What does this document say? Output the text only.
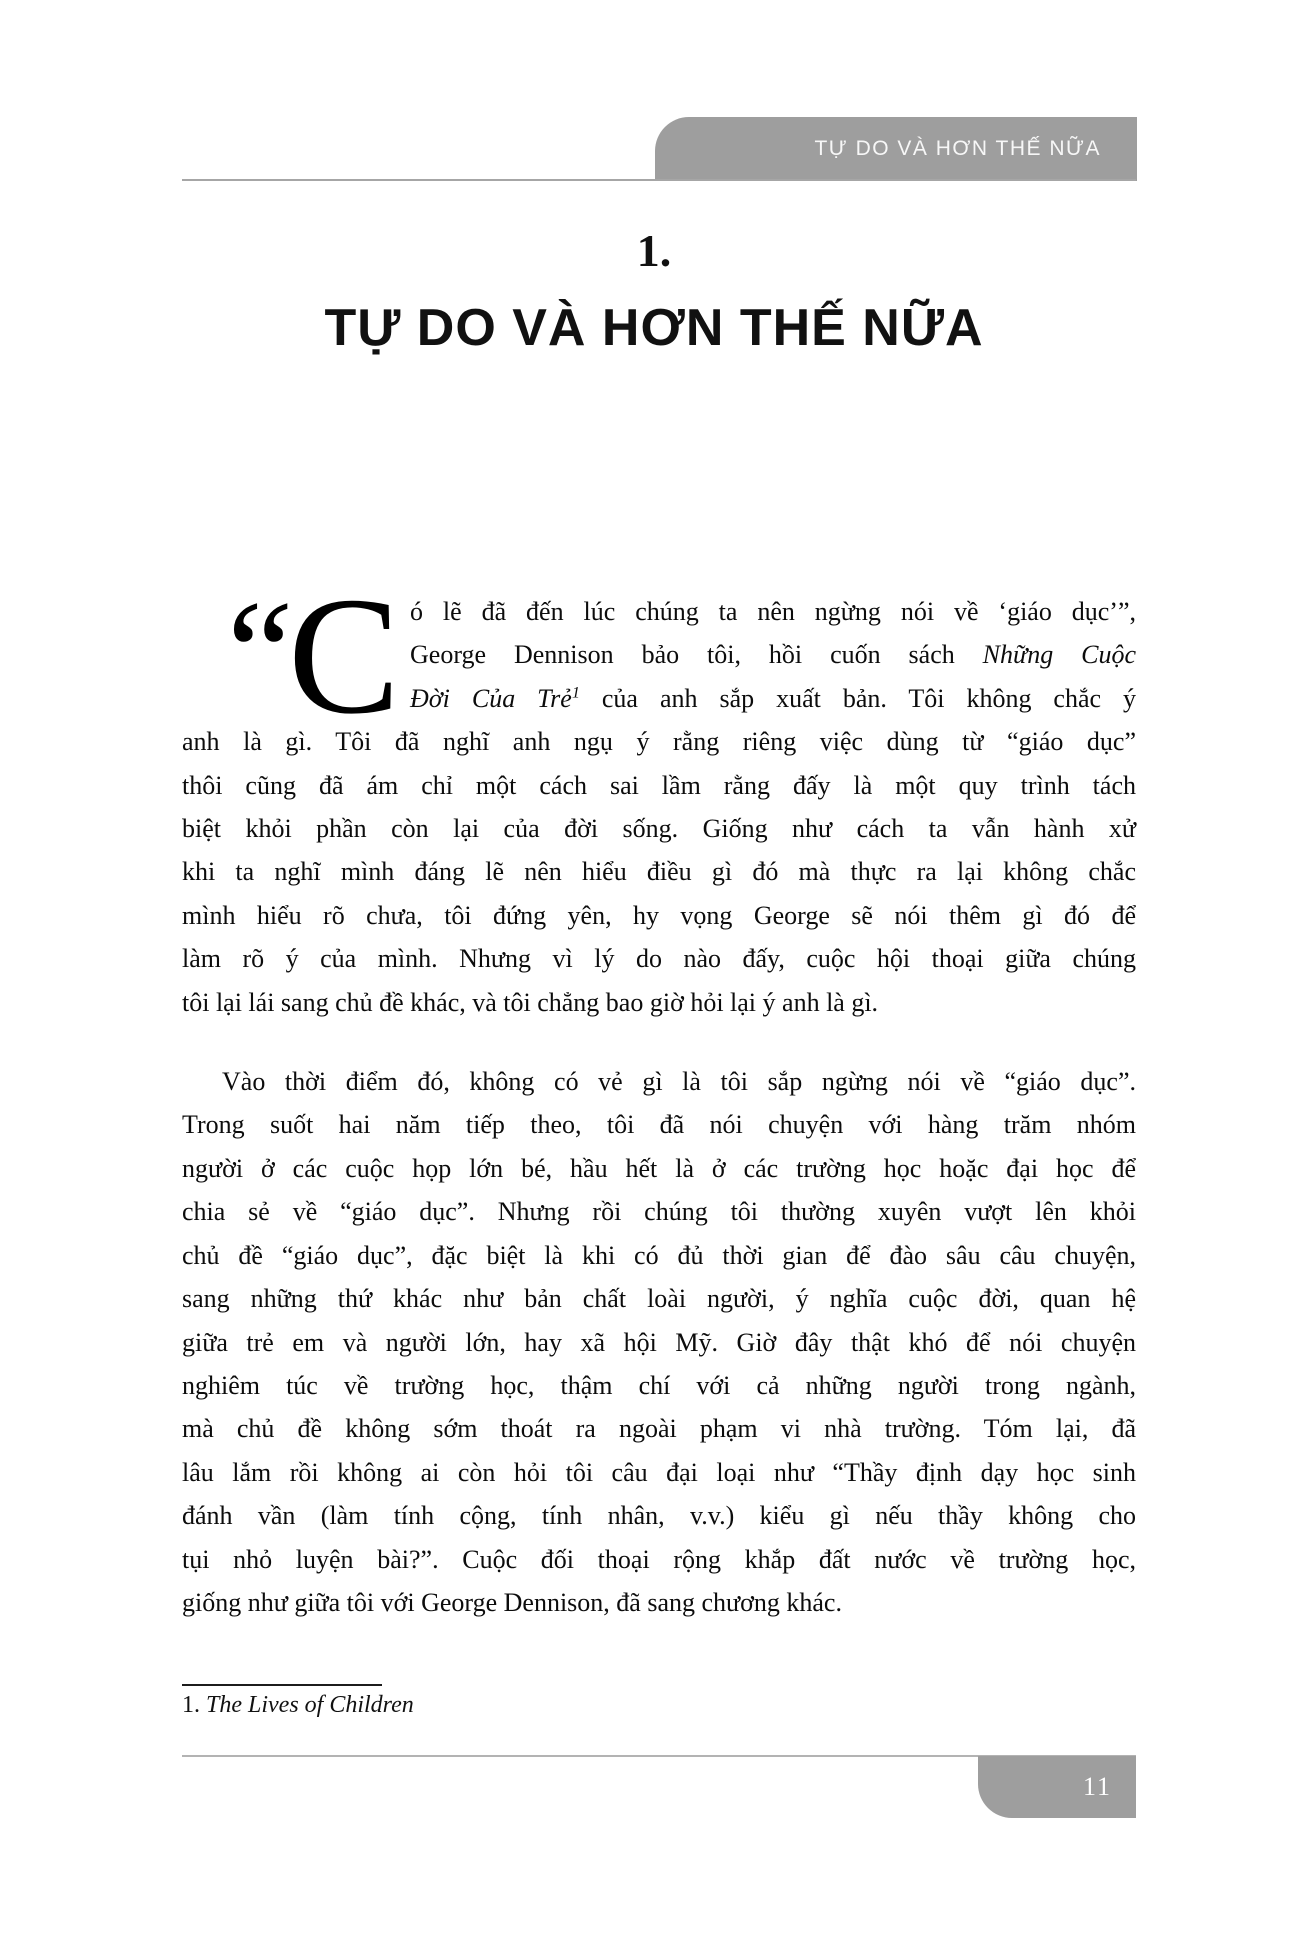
TỰ DO VÀ HƠN THẾ NỮA
1.
TỰ DO VÀ HƠN THẾ NỮA
“
C ó lẽ đã đến lúc chúng ta nên ngừng nói về ‘giáo dục’”,
George Dennison bảo tôi, hồi cuốn sách Những Cuộc
Đời Của Trẻ$^1$ của anh sắp xuất bản. Tôi không chắc ý
anh là gì. Tôi đã nghĩ anh ngụ ý rằng riêng việc dùng từ “giáo dục”
thôi cũng đã ám chỉ một cách sai lầm rằng đấy là một quy trình tách
biệt khỏi phần còn lại của đời sống. Giống như cách ta vẫn hành xử
khi ta nghĩ mình đáng lẽ nên hiểu điều gì đó mà thực ra lại không chắc
mình hiểu rõ chưa, tôi đứng yên, hy vọng George sẽ nói thêm gì đó để
làm rõ ý của mình. Nhưng vì lý do nào đấy, cuộc hội thoại giữa chúng
tôi lại lái sang chủ đề khác, và tôi chẳng bao giờ hỏi lại ý anh là gì.
Vào thời điểm đó, không có vẻ gì là tôi sắp ngừng nói về “giáo dục”.
Trong suốt hai năm tiếp theo, tôi đã nói chuyện với hàng trăm nhóm
người ở các cuộc họp lớn bé, hầu hết là ở các trường học hoặc đại học để
chia sẻ về “giáo dục”. Nhưng rồi chúng tôi thường xuyên vượt lên khỏi
chủ đề “giáo dục”, đặc biệt là khi có đủ thời gian để đào sâu câu chuyện,
sang những thứ khác như bản chất loài người, ý nghĩa cuộc đời, quan hệ
giữa trẻ em và người lớn, hay xã hội Mỹ. Giờ đây thật khó để nói chuyện
nghiêm túc về trường học, thậm chí với cả những người trong ngành,
mà chủ đề không sớm thoát ra ngoài phạm vi nhà trường. Tóm lại, đã
lâu lắm rồi không ai còn hỏi tôi câu đại loại như “Thầy định dạy học sinh
đánh vần (làm tính cộng, tính nhân, v.v.) kiểu gì nếu thầy không cho
tụi nhỏ luyện bài?”. Cuộc đối thoại rộng khắp đất nước về trường học,
giống như giữa tôi với George Dennison, đã sang chương khác.
1. The Lives of Children
11
